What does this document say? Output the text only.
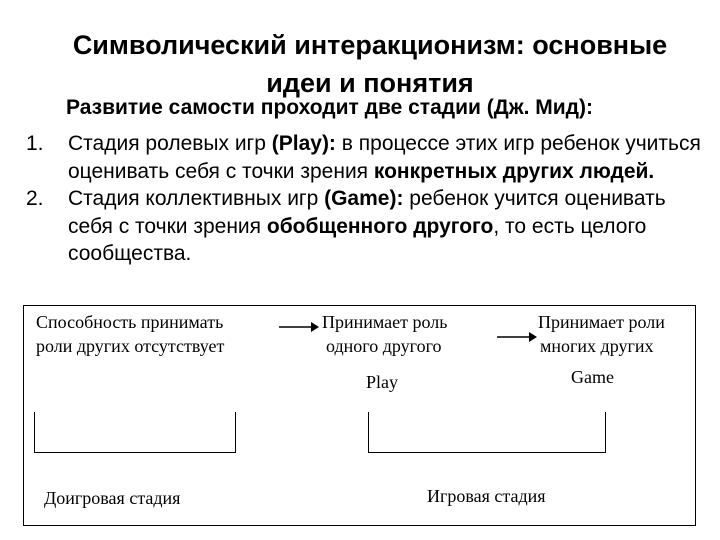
Символический интеракционизм: основные
идеи и понятия
Развитие самости проходит две стадии (Дж. Мид):
1. Стадия ролевых игр (Play): в процессе этих игр ребенок учиться оценивать себя с точки зрения конкретных других людей.
2. Стадия коллективных игр (Game): ребенок учится оценивать себя с точки зрения обобщенного другого, то есть целого сообщества.
Способность принимать
роли других отсутствует
Принимает роль
одного другого
Принимает роли
многих других
Play	Game
Доигровая стадия	Игровая стадия
